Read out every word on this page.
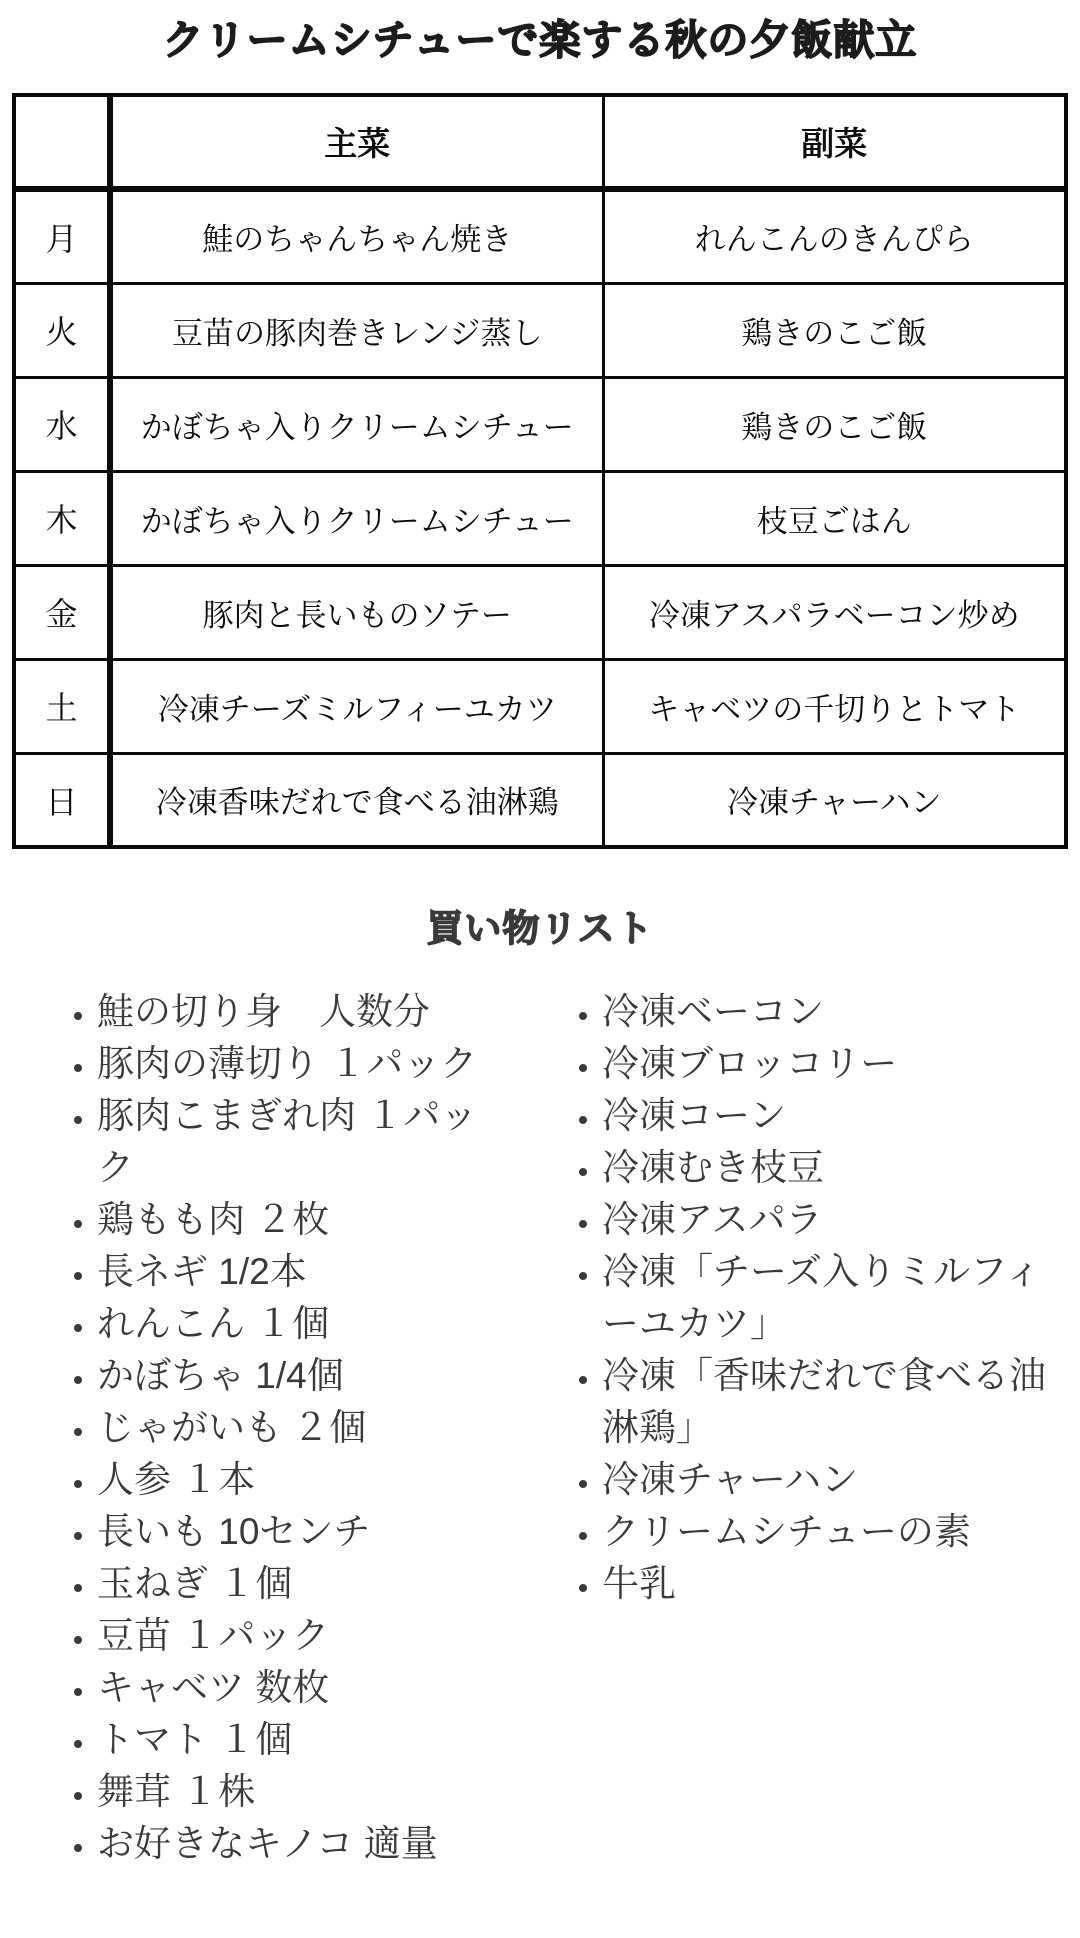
クリームシチューで楽する秋の夕飯献立
	主菜	副菜
月	鮭のちゃんちゃん焼き	れんこんのきんぴら
火	豆苗の豚肉巻きレンジ蒸し	鶏きのこご飯
水	かぼちゃ入りクリームシチュー	鶏きのこご飯
木	かぼちゃ入りクリームシチュー	枝豆ごはん
金	豚肉と長いものソテー	冷凍アスパラベーコン炒め
土	冷凍チーズミルフィーユカツ	キャベツの千切りとトマト
日	冷凍香味だれで食べる油淋鶏	冷凍チャーハン
買い物リスト
• 鮭の切り身　人数分
• 豚肉の薄切り １パック
• 豚肉こまぎれ肉 １パック
• 鶏もも肉 ２枚
• 長ネギ 1/2本
• れんこん １個
• かぼちゃ 1/4個
• じゃがいも ２個
• 人参 １本
• 長いも 10センチ
• 玉ねぎ １個
• 豆苗 １パック
• キャベツ 数枚
• トマト １個
• 舞茸 １株
• お好きなキノコ 適量
• 冷凍ベーコン
• 冷凍ブロッコリー
• 冷凍コーン
• 冷凍むき枝豆
• 冷凍アスパラ
• 冷凍「チーズ入りミルフィーユカツ」
• 冷凍「香味だれで食べる油淋鶏」
• 冷凍チャーハン
• クリームシチューの素
• 牛乳
